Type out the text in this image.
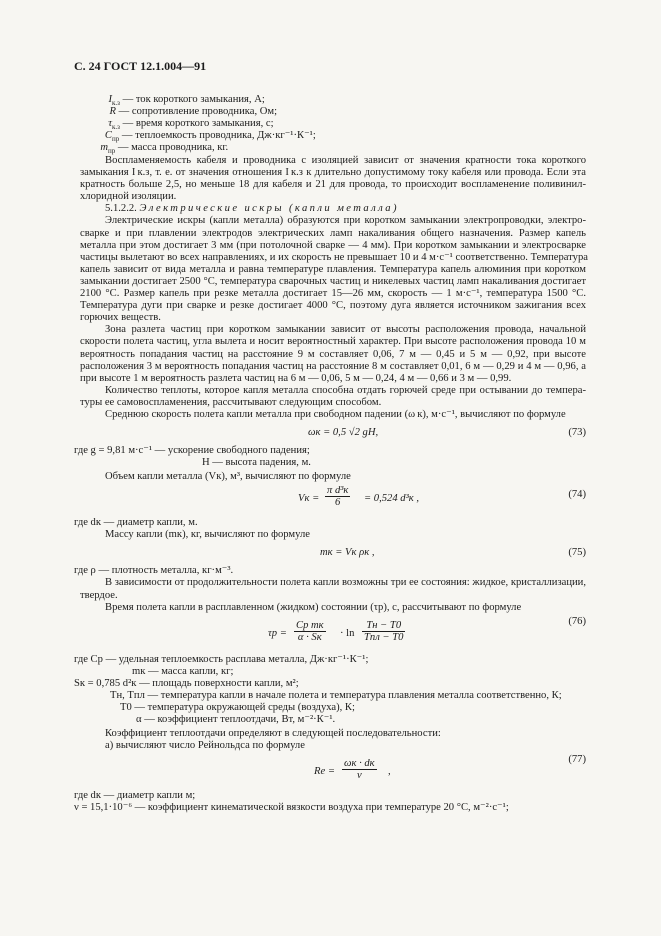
С. 24 ГОСТ 12.1.004—91
$I_{к.з}$ — ток короткого замыкания, А;
R — сопротивление проводника, Ом;
$\tau_{к.з}$ — время короткого замыкания, с;
$C_{пр}$ — теплоемкость проводника, Дж·кг⁻¹·К⁻¹;
$m_{пр}$ — масса проводника, кг.
Воспламеняемость кабеля и проводника с изоляцией зависит от значения кратности тока короткого
замыкания I к.з, т. е. от значения отношения I к.з к длительно допустимому току кабеля или провода. Если эта
кратность больше 2,5, но меньше 18 для кабеля и 21 для провода, то происходит воспламенение поливинил-
хлоридной изоляции.
5.1.2.2. Электрические искры (капли металла)
Электрические искры (капли металла) образуются при коротком замыкании электропроводки, электро-
сварке и при плавлении электродов электрических ламп накаливания общего назначения. Размер капель
металла при этом достигает 3 мм (при потолочной сварке — 4 мм). При коротком замыкании и электросварке
частицы вылетают во всех направлениях, и их скорость не превышает 10 и 4 м·с⁻¹ соответственно. Температура
капель зависит от вида металла и равна температуре плавления. Температура капель алюминия при коротком
замыкании достигает 2500 °С, температура сварочных частиц и никелевых частиц ламп накаливания достигает
2100 °С. Размер капель при резке металла достигает 15—26 мм, скорость — 1 м·с⁻¹, температура 1500 °С.
Температура дуги при сварке и резке достигает 4000 °С, поэтому дуга является источником зажигания всех
горючих веществ.
Зона разлета частиц при коротком замыкании зависит от высоты расположения провода, начальной
скорости полета частиц, угла вылета и носит вероятностный характер. При высоте расположения провода 10 м
вероятность попадания частиц на расстояние 9 м составляет 0,06, 7 м — 0,45 и 5 м — 0,92, при высоте
расположения 3 м вероятность попадания частиц на расстояние 8 м составляет 0,01, 6 м — 0,29 и 4 м — 0,96, а
при высоте 1 м вероятность разлета частиц на 6 м — 0,06, 5 м — 0,24, 4 м — 0,66 и 3 м — 0,99.
Количество теплоты, которое капля металла способна отдать горючей среде при остывании до темпера-
туры ее самовоспламенения, рассчитывают следующим способом.
Среднюю скорость полета капли металла при свободном падении (ω к), м·с⁻¹, вычисляют по формуле
ωк = 0,5 √2 gH,	(73)
где g = 9,81 м·с⁻¹ — ускорение свободного падения;
H — высота падения, м.
Объем капли металла (Vк), м³, вычисляют по формуле
Vк =
π d³к
6	= 0,524 d³к ,	(74)
где dк — диаметр капли, м.
Массу капли (mк), кг, вычисляют по формуле
mк = Vк ρк ,	(75)
где ρ — плотность металла, кг·м⁻³.
В зависимости от продолжительности полета капли возможны три ее состояния: жидкое, кристаллизации,
твердое.
Время полета капли в расплавленном (жидком) состоянии (τр), с, рассчитывают по формуле
τр =
Cр mк
α · Sк	· ln
Tн − T0
Tпл − T0
(76)
где Cр — удельная теплоемкость расплава металла, Дж·кг⁻¹·К⁻¹;
mк — масса капли, кг;
Sк = 0,785 d²к — площадь поверхности капли, м²;
Tн, Tпл — температура капли в начале полета и температура плавления металла соответственно, К;
T0 — температура окружающей среды (воздуха), К;
α — коэффициент теплоотдачи, Вт, м⁻²·К⁻¹.
Коэффициент теплоотдачи определяют в следующей последовательности:
а) вычисляют число Рейнольдса по формуле
Re =
ωк · dк
ν	,
(77)
где dк — диаметр капли м;
ν = 15,1·10⁻⁶ — коэффициент кинематической вязкости воздуха при температуре 20 °С, м⁻²·с⁻¹;
